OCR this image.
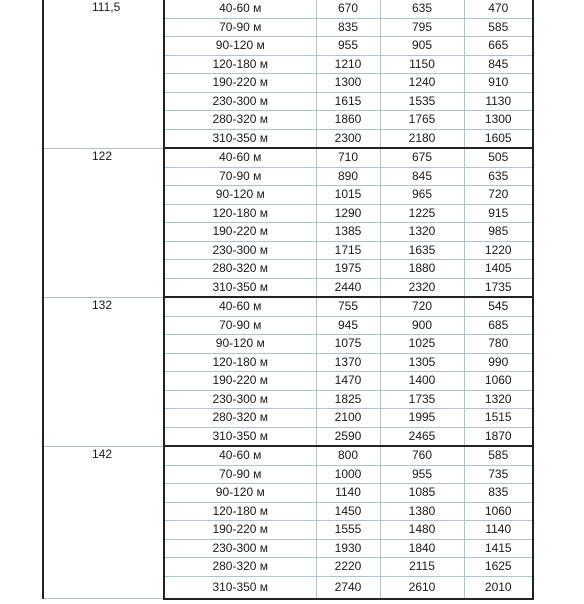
111,5	40-60 м	670	635	470
	70-90 м	835	795	585
	90-120 м	955	905	665
	120-180 м	1210	1150	845
	190-220 м	1300	1240	910
	230-300 м	1615	1535	1130
	280-320 м	1860	1765	1300
	310-350 м	2300	2180	1605
122	40-60 м	710	675	505
	70-90 м	890	845	635
	90-120 м	1015	965	720
	120-180 м	1290	1225	915
	190-220 м	1385	1320	985
	230-300 м	1715	1635	1220
	280-320 м	1975	1880	1405
	310-350 м	2440	2320	1735
132	40-60 м	755	720	545
	70-90 м	945	900	685
	90-120 м	1075	1025	780
	120-180 м	1370	1305	990
	190-220 м	1470	1400	1060
	230-300 м	1825	1735	1320
	280-320 м	2100	1995	1515
	310-350 м	2590	2465	1870
142	40-60 м	800	760	585
	70-90 м	1000	955	735
	90-120 м	1140	1085	835
	120-180 м	1450	1380	1060
	190-220 м	1555	1480	1140
	230-300 м	1930	1840	1415
	280-320 м	2220	2115	1625
	310-350 м	2740	2610	2010
